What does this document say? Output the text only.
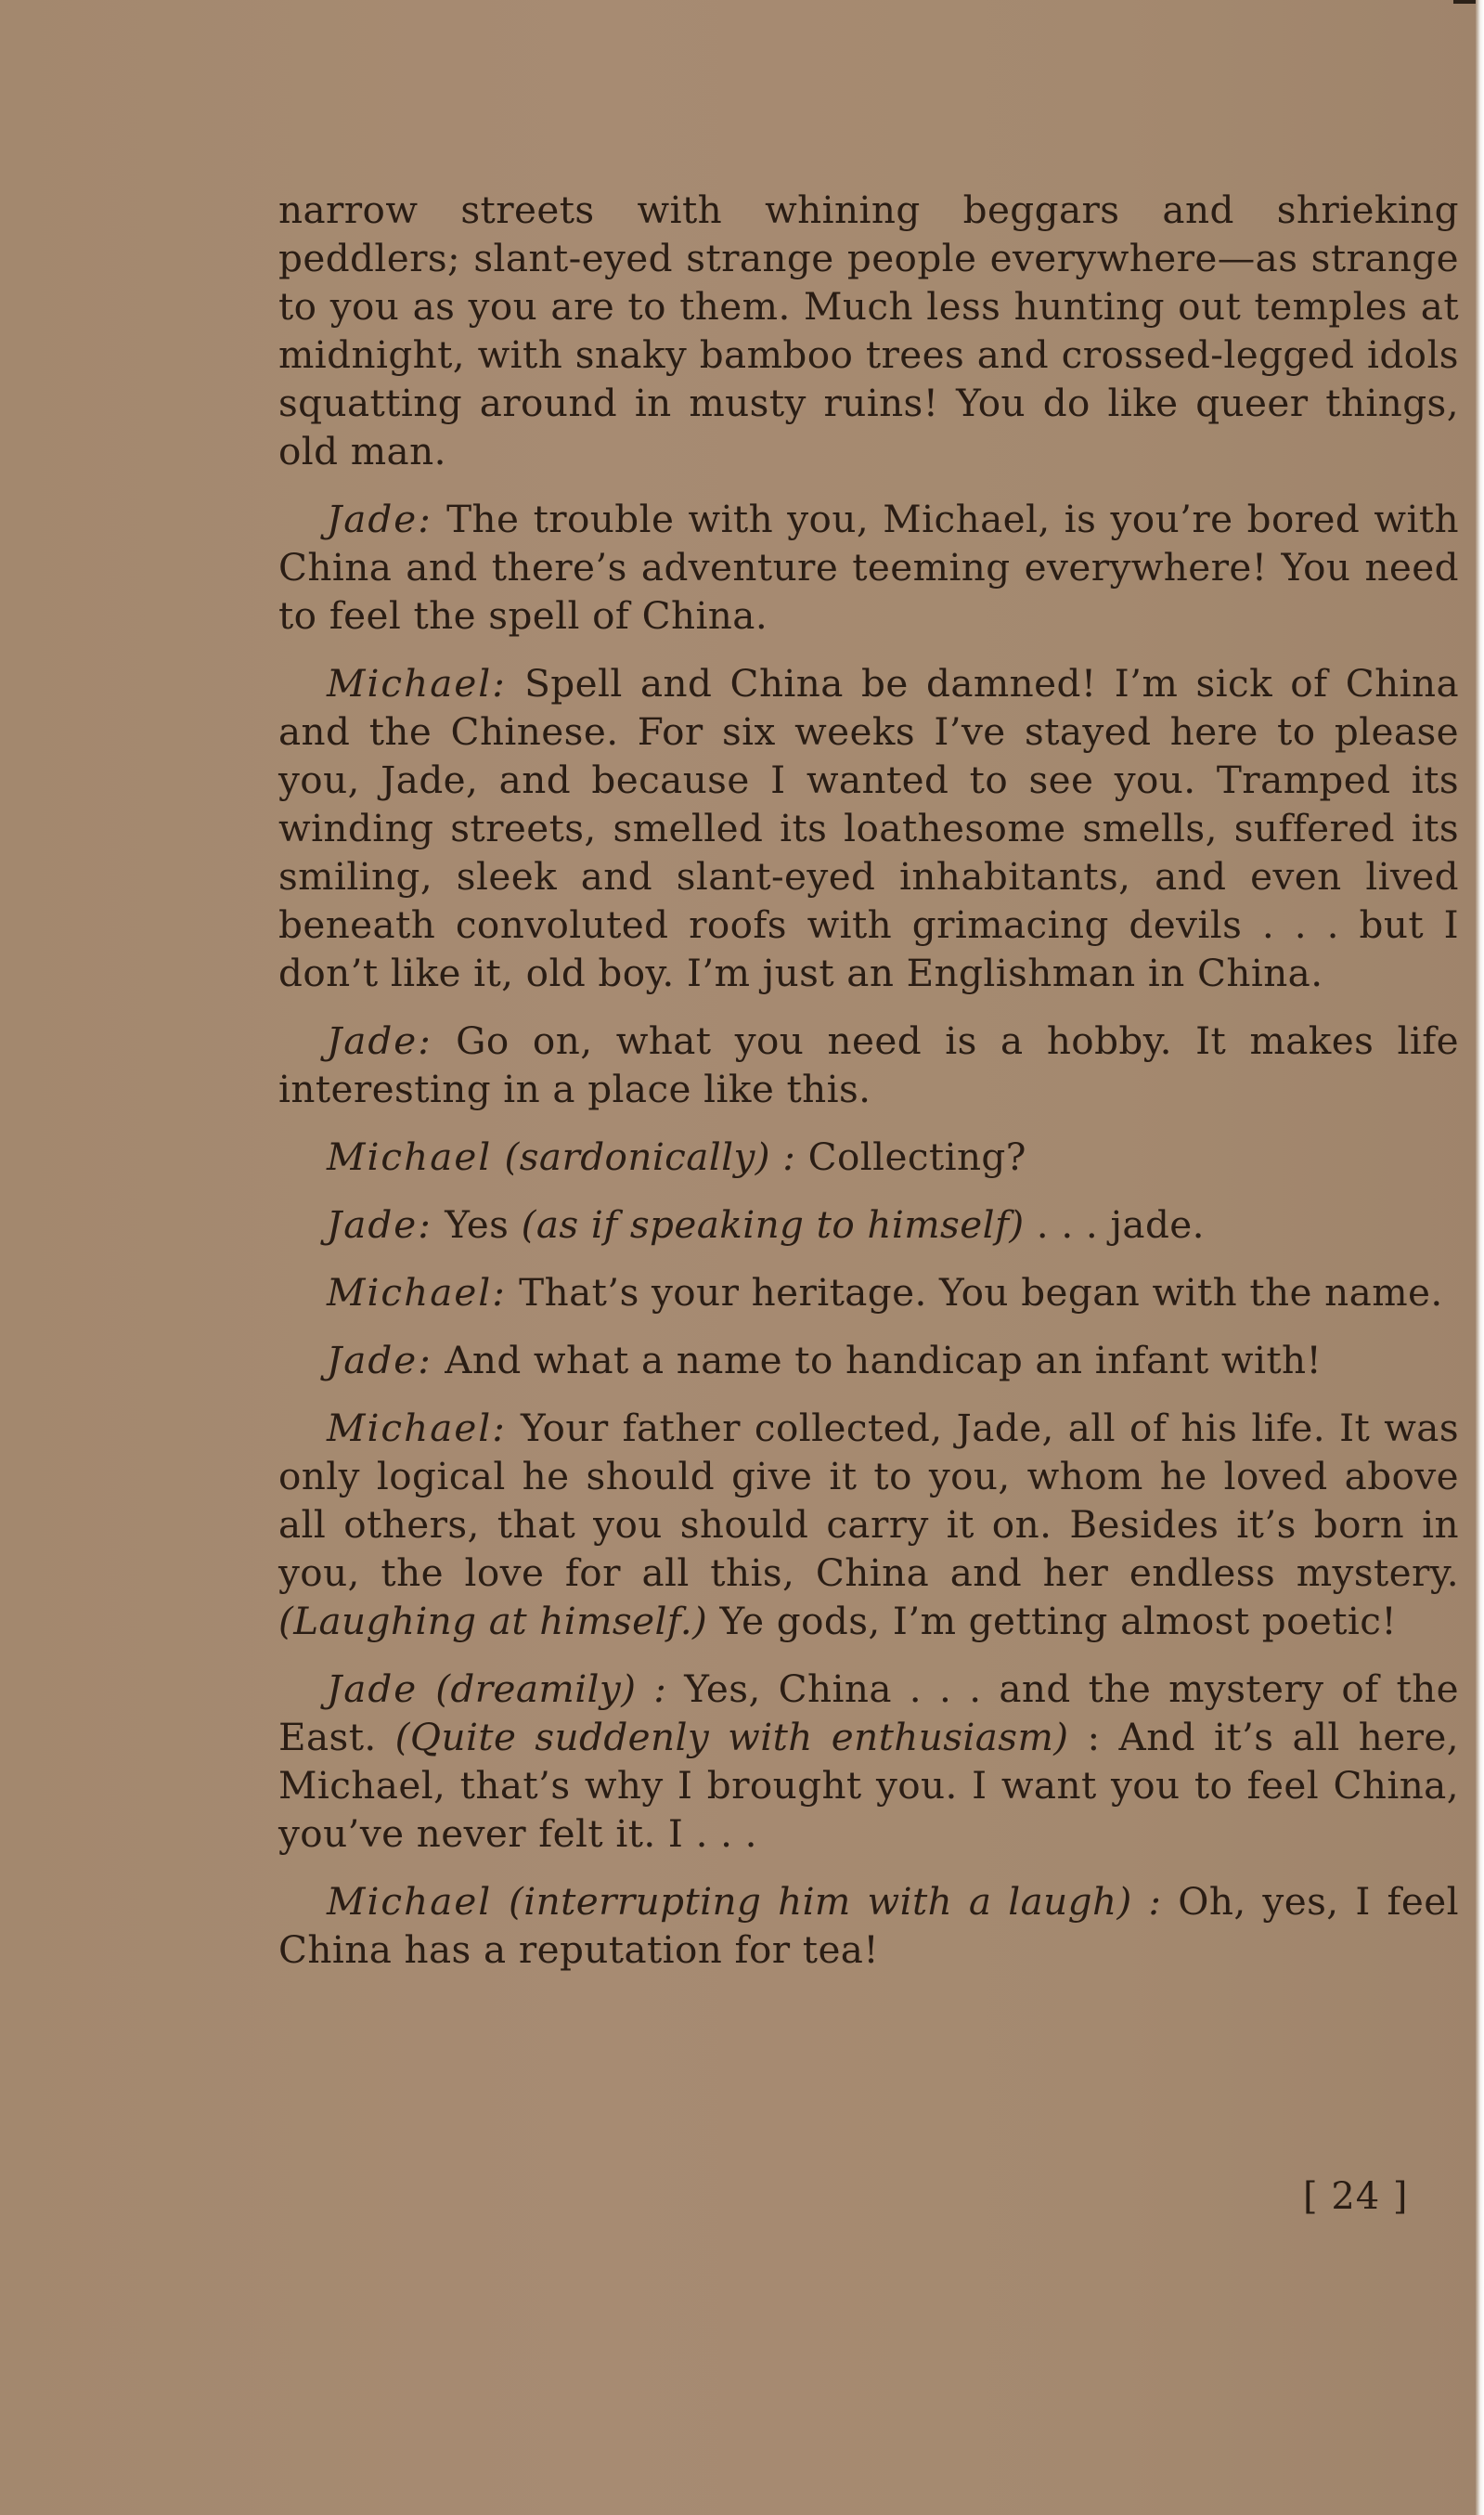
narrow streets with whining beggars and shrieking peddlers; slant-eyed strange people everywhere—as strange to you as you are to them. Much less hunting out temples at midnight, with snaky bamboo trees and crossed-legged idols squatting around in musty ruins! You do like queer things, old man.

Jade: The trouble with you, Michael, is you’re bored with China and there’s adventure teeming everywhere! You need to feel the spell of China.

Michael: Spell and China be damned! I’m sick of China and the Chinese. For six weeks I’ve stayed here to please you, Jade, and because I wanted to see you. Tramped its winding streets, smelled its loathesome smells, suffered its smiling, sleek and slant-eyed inhabitants, and even lived beneath convoluted roofs with grimacing devils . . . but I don’t like it, old boy. I’m just an Englishman in China.

Jade: Go on, what you need is a hobby. It makes life interesting in a place like this.

Michael (sardonically) : Collecting?

Jade: Yes (as if speaking to himself) . . . jade.

Michael: That’s your heritage. You began with the name.

Jade: And what a name to handicap an infant with!

Michael: Your father collected, Jade, all of his life. It was only logical he should give it to you, whom he loved above all others, that you should carry it on. Besides it’s born in you, the love for all this, China and her endless mystery. (Laughing at himself.) Ye gods, I’m getting almost poetic!

Jade (dreamily) : Yes, China . . . and the mystery of the East. (Quite suddenly with enthusiasm) : And it’s all here, Michael, that’s why I brought you. I want you to feel China, you’ve never felt it. I . . .

Michael (interrupting him with a laugh) : Oh, yes, I feel China has a reputation for tea!

[ 24 ]
